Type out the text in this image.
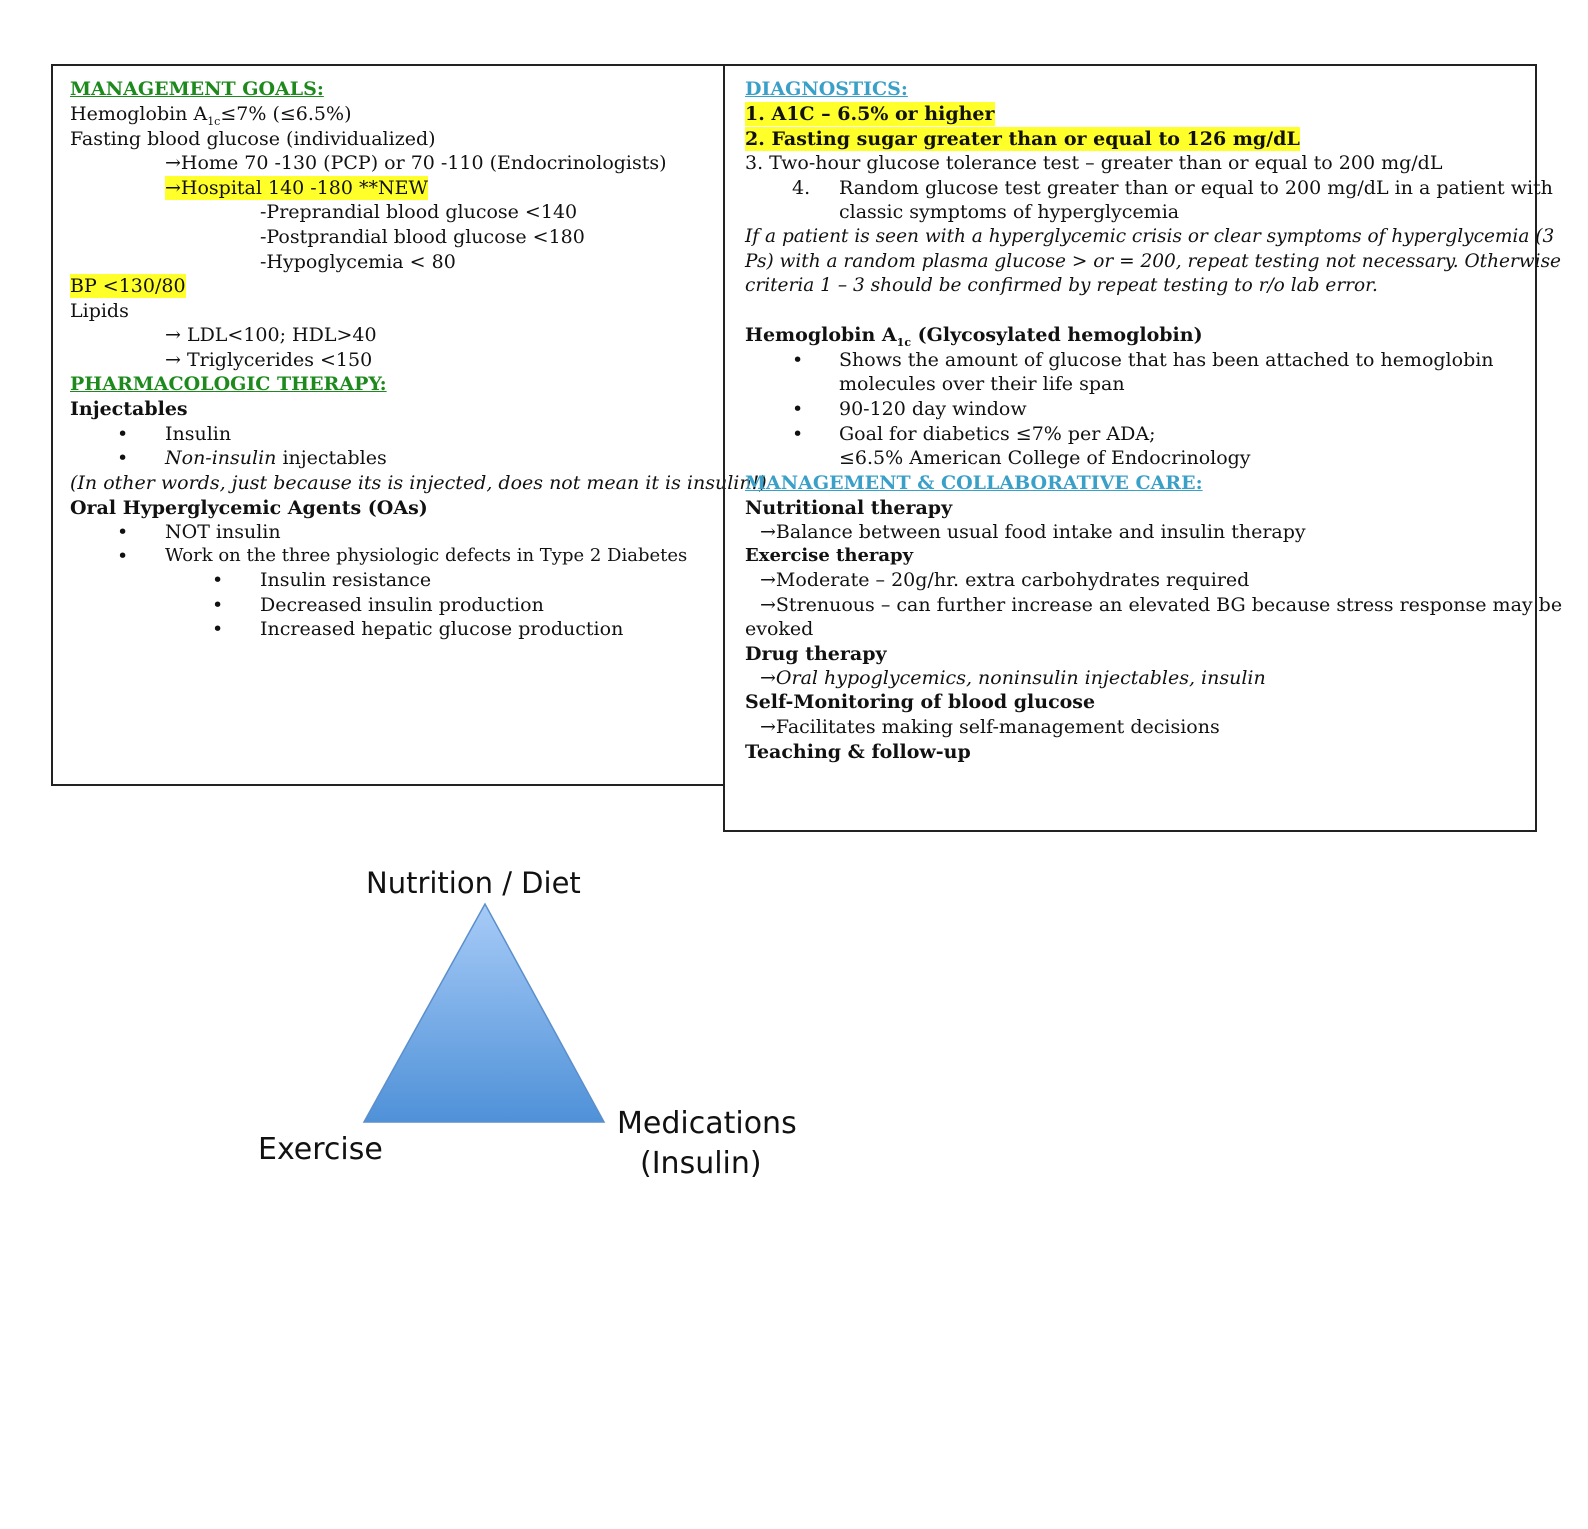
MANAGEMENT GOALS:
Hemoglobin $A_{1c}\le 7\%$ (≤6.5%)
Fasting blood glucose (individualized)
→Home 70 -130 (PCP) or 70 -110 (Endocrinologists)
→Hospital 140 -180 **NEW
-Preprandial blood glucose <140
-Postprandial blood glucose <180
-Hypoglycemia < 80
BP <130/80
Lipids
→ LDL<100; HDL>40
→ Triglycerides <150
PHARMACOLOGIC THERAPY:
Injectables
• Insulin
• Non-insulin injectables
(In other words, just because its is injected, does not mean it is insulin!)
Oral Hyperglycemic Agents (OAs)
• NOT insulin
• Work on the three physiologic defects in Type 2 Diabetes
• Insulin resistance
• Decreased insulin production
• Increased hepatic glucose production
DIAGNOSTICS:
1. A1C – 6.5% or higher
2. Fasting sugar greater than or equal to 126 mg/dL
3. Two-hour glucose tolerance test – greater than or equal to 200 mg/dL
4. Random glucose test greater than or equal to 200 mg/dL in a patient with
classic symptoms of hyperglycemia
If a patient is seen with a hyperglycemic crisis or clear symptoms of hyperglycemia (3
Ps) with a random plasma glucose > or = 200, repeat testing not necessary. Otherwise
criteria 1 – 3 should be confirmed by repeat testing to r/o lab error.
Hemoglobin $A_{1c}$ (Glycosylated hemoglobin)
• Shows the amount of glucose that has been attached to hemoglobin
molecules over their life span
• 90-120 day window
• Goal for diabetics ≤7% per ADA;
≤6.5% American College of Endocrinology
MANAGEMENT & COLLABORATIVE CARE:
Nutritional therapy
→Balance between usual food intake and insulin therapy
Exercise therapy
→Moderate – 20g/hr. extra carbohydrates required
→Strenuous – can further increase an elevated BG because stress response may be
evoked
Drug therapy
→Oral hypoglycemics, noninsulin injectables, insulin
Self-Monitoring of blood glucose
→Facilitates making self-management decisions
Teaching & follow-up
Nutrition / Diet
Exercise
Medications
(Insulin)
